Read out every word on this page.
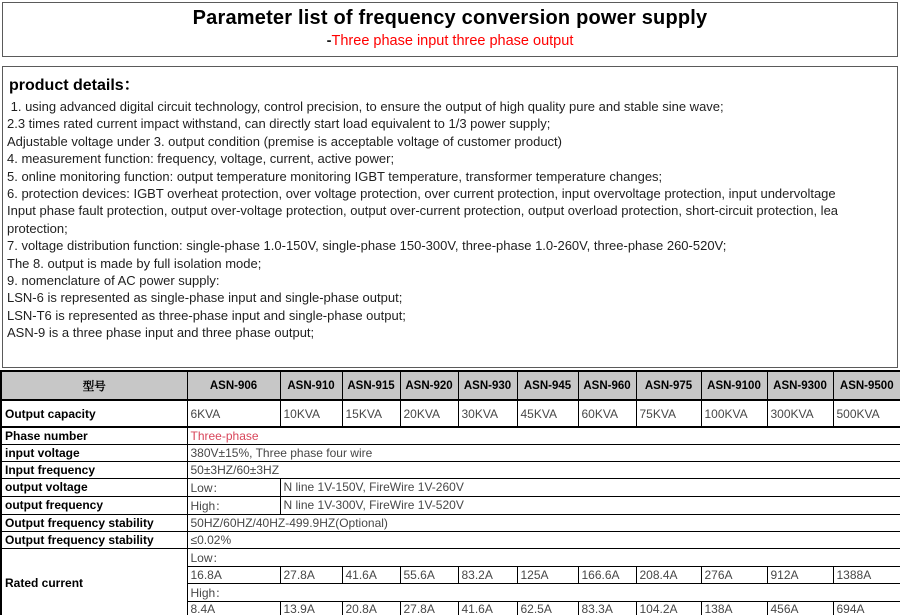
Parameter list of frequency conversion power supply
-Three phase input three phase output
product details：
1. using advanced digital circuit technology, control precision, to ensure the output of high quality pure and stable sine wave;
2.3 times rated current impact withstand, can directly start load equivalent to 1/3 power supply;
Adjustable voltage under 3. output condition (premise is acceptable voltage of customer product)
4. measurement function: frequency, voltage, current, active power;
5. online monitoring function: output temperature monitoring IGBT temperature, transformer temperature changes;
6. protection devices: IGBT overheat protection, over voltage protection, over current protection, input overvoltage protection, input undervoltage
Input phase fault protection, output over-voltage protection, output over-current protection, output overload protection, short-circuit protection, lea
protection;
7. voltage distribution function: single-phase 1.0-150V, single-phase 150-300V, three-phase 1.0-260V, three-phase 260-520V;
The 8. output is made by full isolation mode;
9. nomenclature of AC power supply:
LSN-6 is represented as single-phase input and single-phase output;
LSN-T6 is represented as three-phase input and single-phase output;
ASN-9 is a three phase input and three phase output;
型号	ASN-906	ASN-910	ASN-915	ASN-920	ASN-930	ASN-945	ASN-960	ASN-975	ASN-9100	ASN-9300	ASN-9500
Output capacity	6KVA	10KVA	15KVA	20KVA	30KVA	45KVA	60KVA	75KVA	100KVA	300KVA	500KVA
Phase number	Three-phase										
input voltage	380V±15%, Three phase four wire										
Input frequency	50±3HZ/60±3HZ										
output voltage	Low：	N line 1V-150V, FireWire 1V-260V									
output frequency	High：	N line 1V-300V, FireWire 1V-520V									
Output frequency stability	50HZ/60HZ/40HZ-499.9HZ(Optional)										
Output frequency stability	≤0.02%										
Rated current	Low：										
	16.8A	27.8A	41.6A	55.6A	83.2A	125A	166.6A	208.4A	276A	912A	1388A
	High：										
	8.4A	13.9A	20.8A	27.8A	41.6A	62.5A	83.3A	104.2A	138A	456A	694A
